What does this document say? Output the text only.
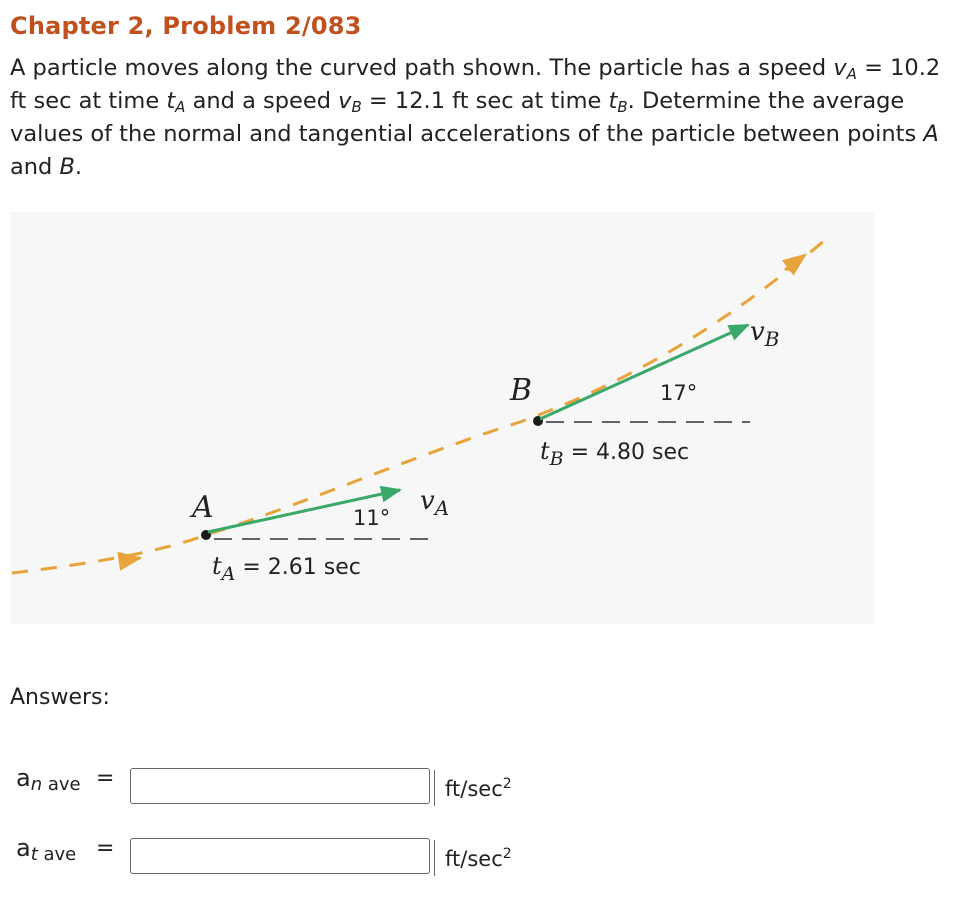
Chapter 2, Problem 2/083
A particle moves along the curved path shown. The particle has a speed $v_A = 10.2$ ft sec at time $t_A$ and a speed $v_B = 12.1$ ft sec at time $t_B$. Determine the average values of the normal and tangential accelerations of the particle between points A and B.
A	11°
$v_A$
tA = 2.61 sec
B	17°
$v_B$
tB = 4.80 sec
Answers:
an ave =	$ft/\sec^2$
at ave =	$ft/\sec^2$
